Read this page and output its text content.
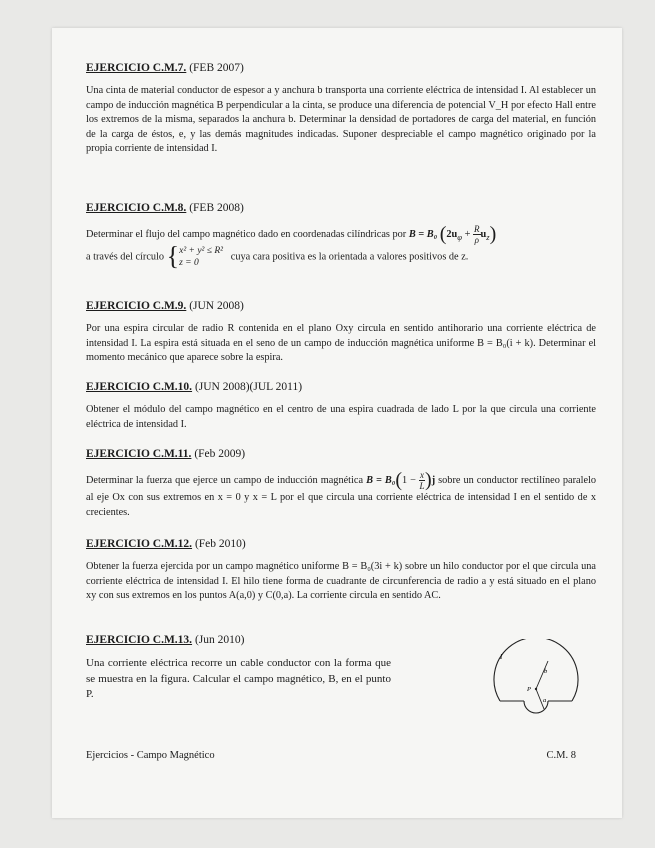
EJERCICIO C.M.7. (FEB 2007)

Una cinta de material conductor de espesor a y anchura b transporta una corriente eléctrica de intensidad I. Al establecer un campo de inducción magnética B perpendicular a la cinta, se produce una diferencia de potencial V_H por efecto Hall entre los extremos de la misma, separados la anchura b. Determinar la densidad de portadores de carga del material, en función de la carga de éstos, e, y las demás magnitudes indicadas. Suponer despreciable el campo magnético originado por la propia corriente de intensidad I.

EJERCICIO C.M.8. (FEB 2008)

Determinar el flujo del campo magnético dado en coordenadas cilíndricas por B = B₀ $(2u_\varphi + \frac{R}{\rho} u_z)$
a través del círculo {x² + y² ≤ R²
z = 0   cuya cara positiva es la orientada a valores positivos de z.

EJERCICIO C.M.9. (JUN 2008)

Por una espira circular de radio R contenida en el plano Oxy circula en sentido antihorario una corriente eléctrica de intensidad I. La espira está situada en el seno de un campo de inducción magnética uniforme B = B₀(i + k). Determinar el momento mecánico que aparece sobre la espira.

EJERCICIO C.M.10. (JUN 2008)(JUL 2011)

Obtener el módulo del campo magnético en el centro de una espira cuadrada de lado L por la que circula una corriente eléctrica de intensidad I.

EJERCICIO C.M.11. (Feb 2009)

Determinar la fuerza que ejerce un campo de inducción magnética $B = B_0(1 - \frac{x}{L} )j$ sobre un conductor rectilíneo paralelo al eje Ox con sus extremos en x = 0 y x = L por el que circula una corriente eléctrica de intensidad I en el sentido de x crecientes.

EJERCICIO C.M.12. (Feb 2010)

Obtener la fuerza ejercida por un campo magnético uniforme B = B₀(3i + k) sobre un hilo conductor por el que circula una corriente eléctrica de intensidad I. El hilo tiene forma de cuadrante de circunferencia de radio a y está situado en el plano xy con sus extremos en los puntos A(a,0) y C(0,a). La corriente circula en sentido AC.

EJERCICIO C.M.13. (Jun 2010)

Una corriente eléctrica recorre un cable conductor con la forma que se muestra en la figura. Calcular el campo magnético, B, en el punto P.

I
b
P
a
Ejercicios - Campo Magnético	C.M. 8
